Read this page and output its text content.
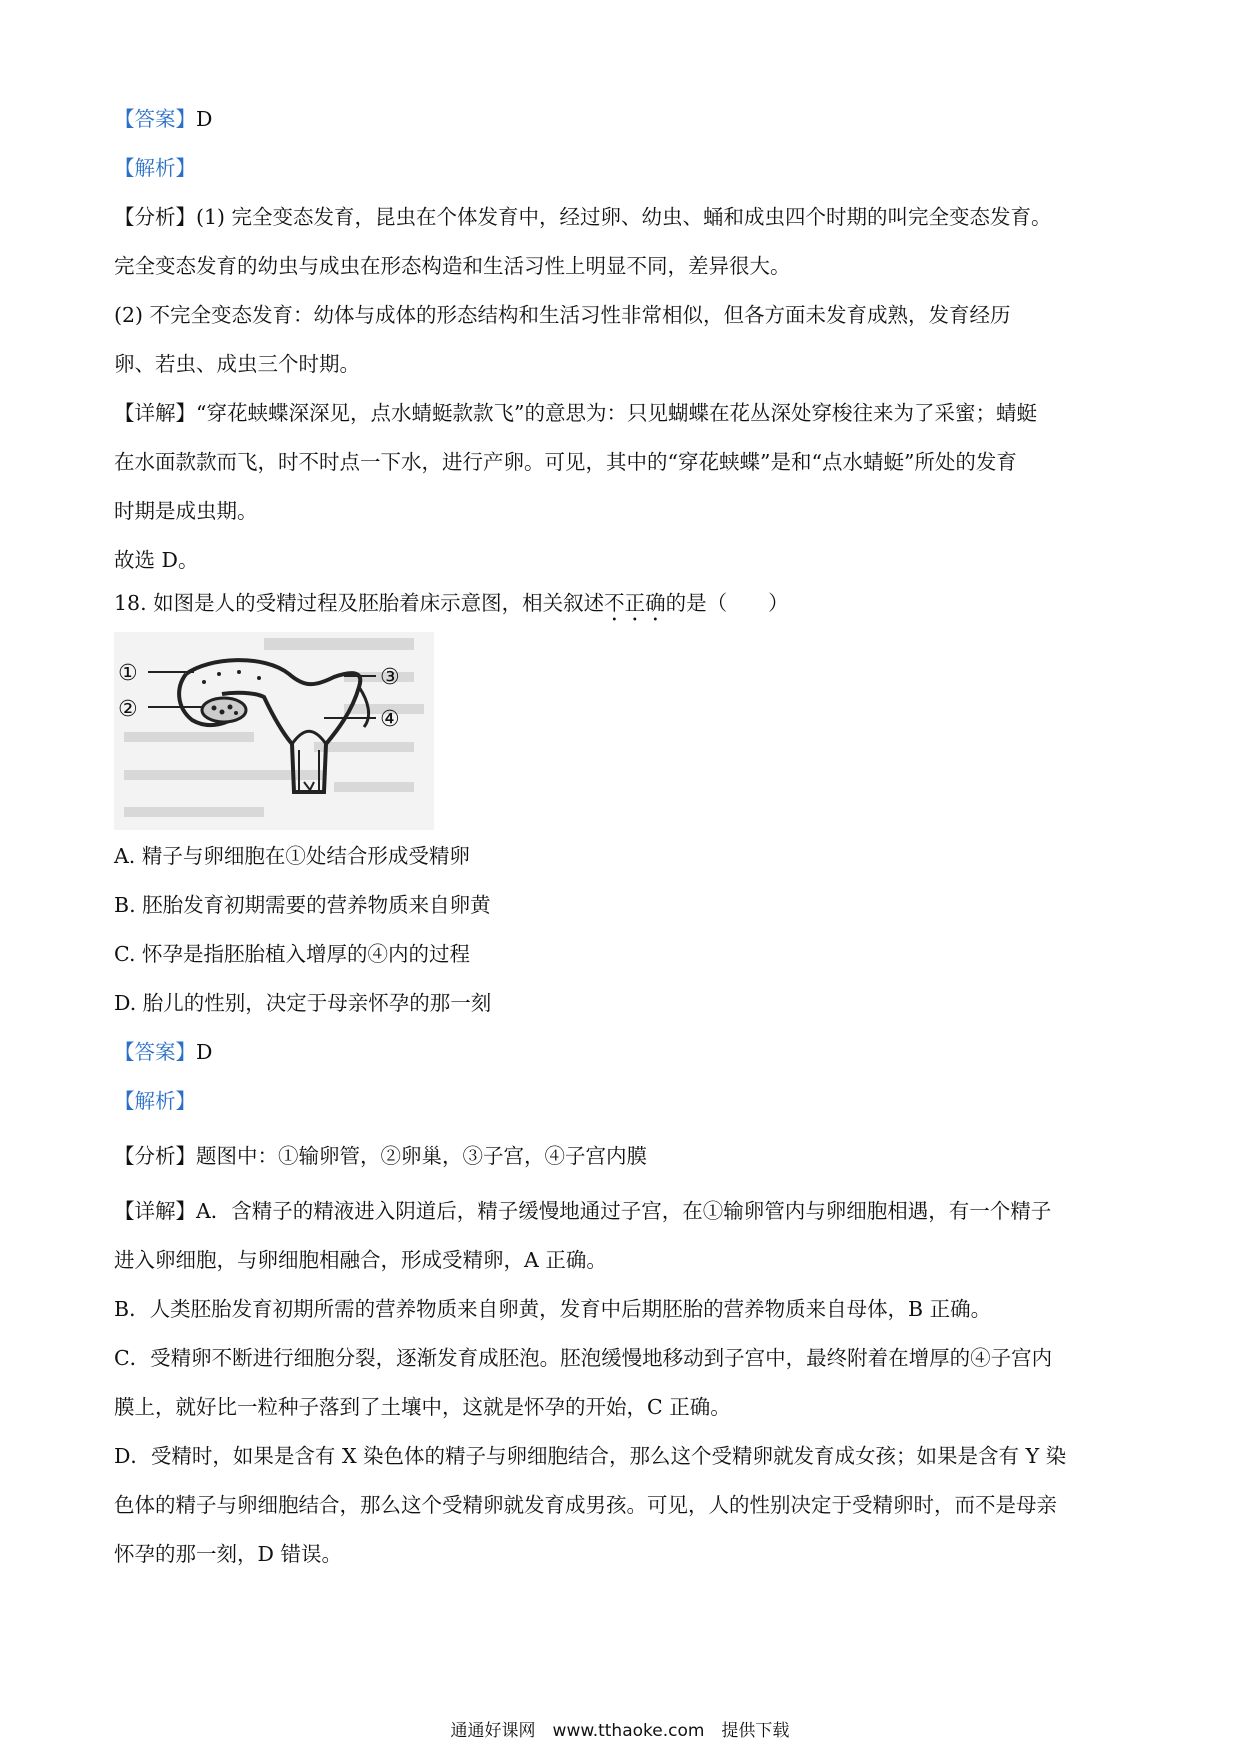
【答案】D
【解析】
【分析】(1) 完全变态发育，昆虫在个体发育中，经过卵、幼虫、蛹和成虫四个时期的叫完全变态发育。
完全变态发育的幼虫与成虫在形态构造和生活习性上明显不同，差异很大。
(2) 不完全变态发育：幼体与成体的形态结构和生活习性非常相似，但各方面未发育成熟，发育经历
卵、若虫、成虫三个时期。
【详解】“穿花蛱蝶深深见，点水蜻蜓款款飞”的意思为：只见蝴蝶在花丛深处穿梭往来为了采蜜；蜻蜓
在水面款款而飞，时不时点一下水，进行产卵。可见，其中的“穿花蛱蝶”是和“点水蜻蜓”所处的发育
时期是成虫期。
故选 D。
18. 如图是人的受精过程及胚胎着床示意图，相关叙述不正确的是（　　）
①
②
③
④
A. 精子与卵细胞在①处结合形成受精卵
B. 胚胎发育初期需要的营养物质来自卵黄
C. 怀孕是指胚胎植入增厚的④内的过程
D. 胎儿的性别，决定于母亲怀孕的那一刻
【答案】D
【解析】
【分析】题图中：①输卵管，②卵巢，③子宫，④子宫内膜
【详解】A．含精子的精液进入阴道后，精子缓慢地通过子宫，在①输卵管内与卵细胞相遇，有一个精子
进入卵细胞，与卵细胞相融合，形成受精卵，A 正确。
B．人类胚胎发育初期所需的营养物质来自卵黄，发育中后期胚胎的营养物质来自母体，B 正确。
C．受精卵不断进行细胞分裂，逐渐发育成胚泡。胚泡缓慢地移动到子宫中，最终附着在增厚的④子宫内
膜上，就好比一粒种子落到了土壤中，这就是怀孕的开始，C 正确。
D．受精时，如果是含有 X 染色体的精子与卵细胞结合，那么这个受精卵就发育成女孩；如果是含有 Y 染
色体的精子与卵细胞结合，那么这个受精卵就发育成男孩。可见，人的性别决定于受精卵时，而不是母亲
怀孕的那一刻，D 错误。
通通好课网　www.tthaoke.com　提供下载
